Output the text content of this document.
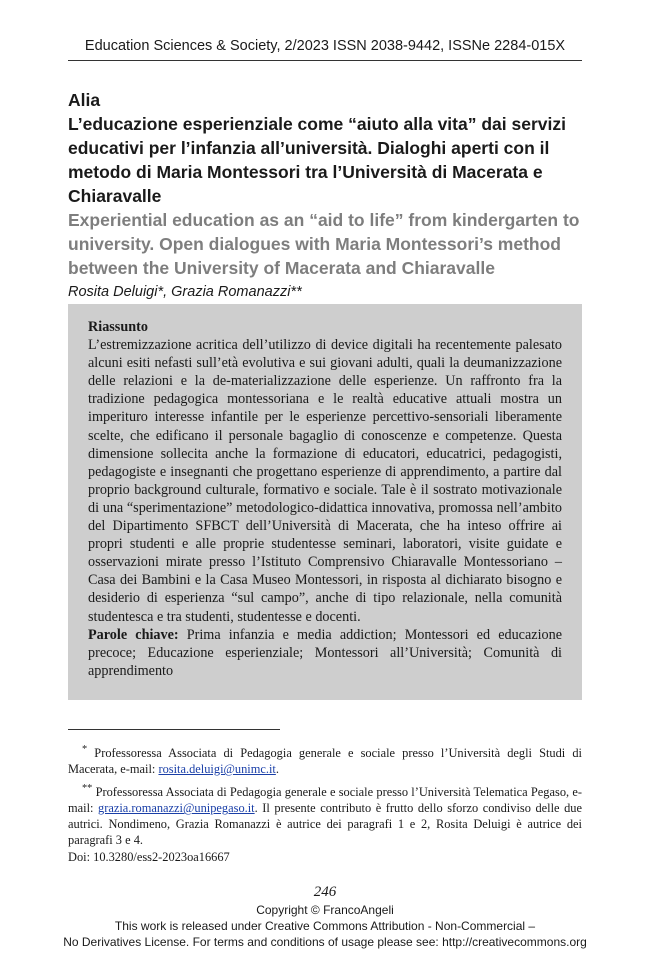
Education Sciences & Society, 2/2023 ISSN 2038-9442, ISSNe 2284-015X
Alia
L’educazione esperienziale come “aiuto alla vita” dai servizi educativi per l’infanzia all’università. Dialoghi aperti con il metodo di Maria Montessori tra l’Università di Macerata e Chiaravalle
Experiential education as an “aid to life” from kindergarten to university. Open dialogues with Maria Montessori’s method between the University of Macerata and Chiaravalle
Rosita Deluigi*, Grazia Romanazzi**
Riassunto
L’estremizzazione acritica dell’utilizzo di device digitali ha recentemente palesato alcuni esiti nefasti sull’età evolutiva e sui giovani adulti, quali la deumanizzazione delle relazioni e la de-materializzazione delle esperienze. Un raffronto fra la tradizione pedagogica montessoriana e le realtà educative attuali mostra un imperituro interesse infantile per le esperienze percettivo-sensoriali liberamente scelte, che edificano il personale bagaglio di conoscenze e competenze. Questa dimensione sollecita anche la formazione di educatori, educatrici, pedagogisti, pedagogiste e insegnanti che progettano esperienze di apprendimento, a partire dal proprio background culturale, formativo e sociale. Tale è il sostrato motivazionale di una “sperimentazione” metodologico-didattica innovativa, promossa nell’ambito del Dipartimento SFBCT dell’Università di Macerata, che ha inteso offrire ai propri studenti e alle proprie studentesse seminari, laboratori, visite guidate e osservazioni mirate presso l’Istituto Comprensivo Chiaravalle Montessoriano – Casa dei Bambini e la Casa Museo Montessori, in risposta al dichiarato bisogno e desiderio di esperienza “sul campo”, anche di tipo relazionale, nella comunità studentesca e tra studenti, studentesse e docenti.
Parole chiave: Prima infanzia e media addiction; Montessori ed educazione precoce; Educazione esperienziale; Montessori all’Università; Comunità di apprendimento

* Professoressa Associata di Pedagogia generale e sociale presso l’Università degli Studi di Macerata, e-mail: rosita.deluigi@unimc.it.

** Professoressa Associata di Pedagogia generale e sociale presso l’Università Telematica Pegaso, e-mail: grazia.romanazzi@unipegaso.it. Il presente contributo è frutto dello sforzo condiviso delle due autrici. Nondimeno, Grazia Romanazzi è autrice dei paragrafi 1 e 2, Rosita Deluigi è autrice dei paragrafi 3 e 4.

Doi: 10.3280/ess2-2023oa16667
246
Copyright © FrancoAngeli
This work is released under Creative Commons Attribution - Non-Commercial –
No Derivatives License. For terms and conditions of usage please see: http://creativecommons.org
